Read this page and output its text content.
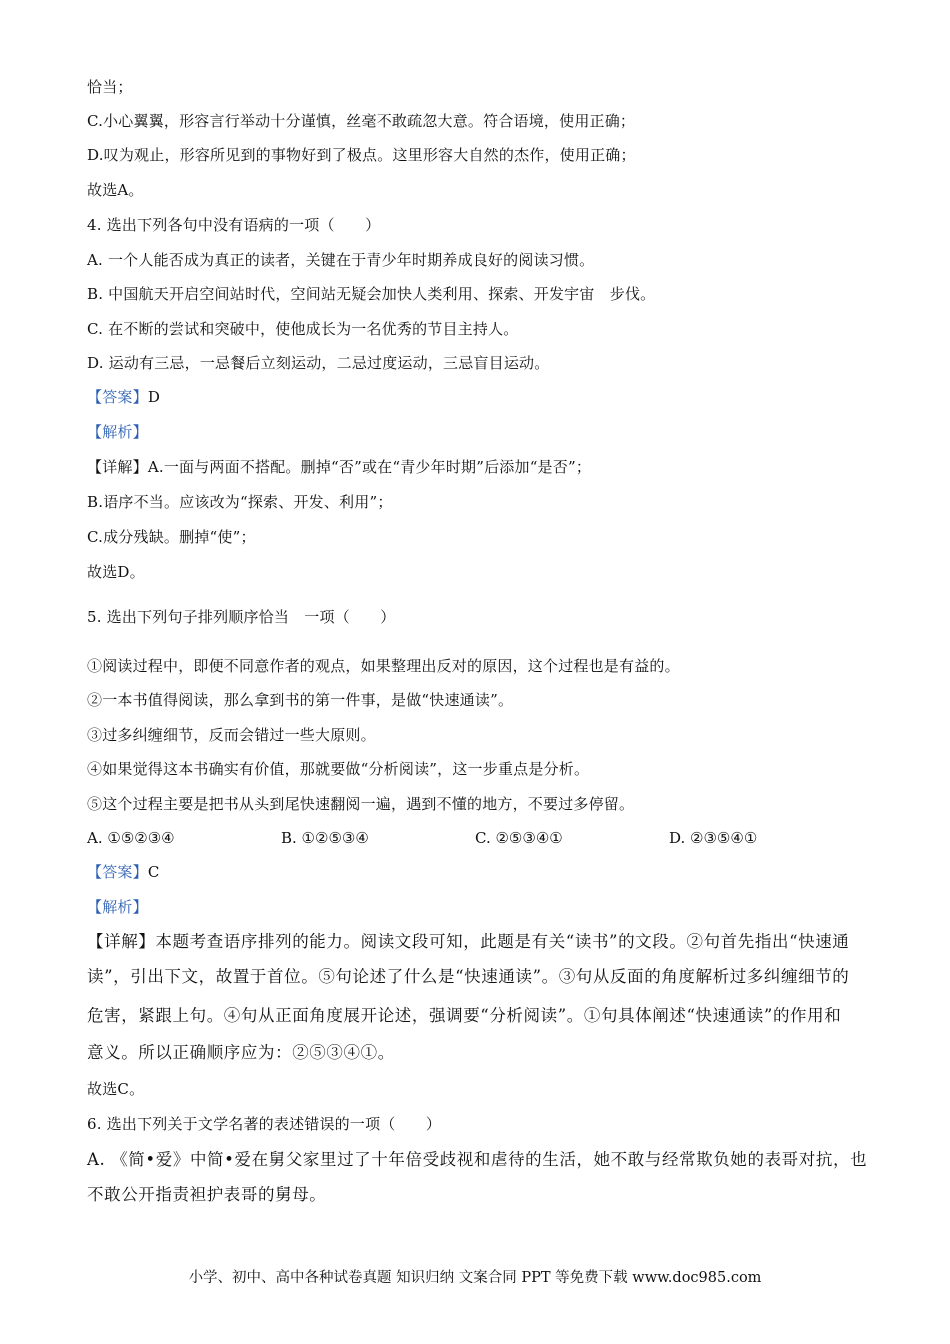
恰当；
C.小心翼翼，形容言行举动十分谨慎，丝毫不敢疏忽大意。符合语境，使用正确；
D.叹为观止，形容所见到的事物好到了极点。这里形容大自然的杰作，使用正确；
故选A。
4. 选出下列各句中没有语病的一项（　　）
A. 一个人能否成为真正的读者，关键在于青少年时期养成良好的阅读习惯。
B. 中国航天开启空间站时代，空间站无疑会加快人类利用、探索、开发宇宙　步伐。
C. 在不断的尝试和突破中，使他成长为一名优秀的节目主持人。
D. 运动有三忌，一忌餐后立刻运动，二忌过度运动，三忌盲目运动。
【答案】D
【解析】
【详解】A.一面与两面不搭配。删掉“否”或在“青少年时期”后添加“是否”；
B.语序不当。应该改为“探索、开发、利用”；
C.成分残缺。删掉“使”；
故选D。
5. 选出下列句子排列顺序恰当　一项（　　）
①阅读过程中，即便不同意作者的观点，如果整理出反对的原因，这个过程也是有益的。
②一本书值得阅读，那么拿到书的第一件事，是做“快速通读”。
③过多纠缠细节，反而会错过一些大原则。
④如果觉得这本书确实有价值，那就要做“分析阅读”，这一步重点是分析。
⑤这个过程主要是把书从头到尾快速翻阅一遍，遇到不懂的地方，不要过多停留。
A. ①⑤②③④	B. ①②⑤③④	C. ②⑤③④①	D. ②③⑤④①
【答案】C
【解析】
【详解】本题考查语序排列的能力。阅读文段可知，此题是有关“读书”的文段。②句首先指出“快速通
读”，引出下文，故置于首位。⑤句论述了什么是“快速通读”。③句从反面的角度解析过多纠缠细节的
危害，紧跟上句。④句从正面角度展开论述，强调要“分析阅读”。①句具体阐述“快速通读”的作用和
意义。所以正确顺序应为：②⑤③④①。
故选C。
6. 选出下列关于文学名著的表述错误的一项（　　）
A. 《简•爱》中简•爱在舅父家里过了十年倍受歧视和虐待的生活，她不敢与经常欺负她的表哥对抗，也
不敢公开指责袒护表哥的舅母。
小学、初中、高中各种试卷真题 知识归纳 文案合同 PPT 等免费下载 www.doc985.com
